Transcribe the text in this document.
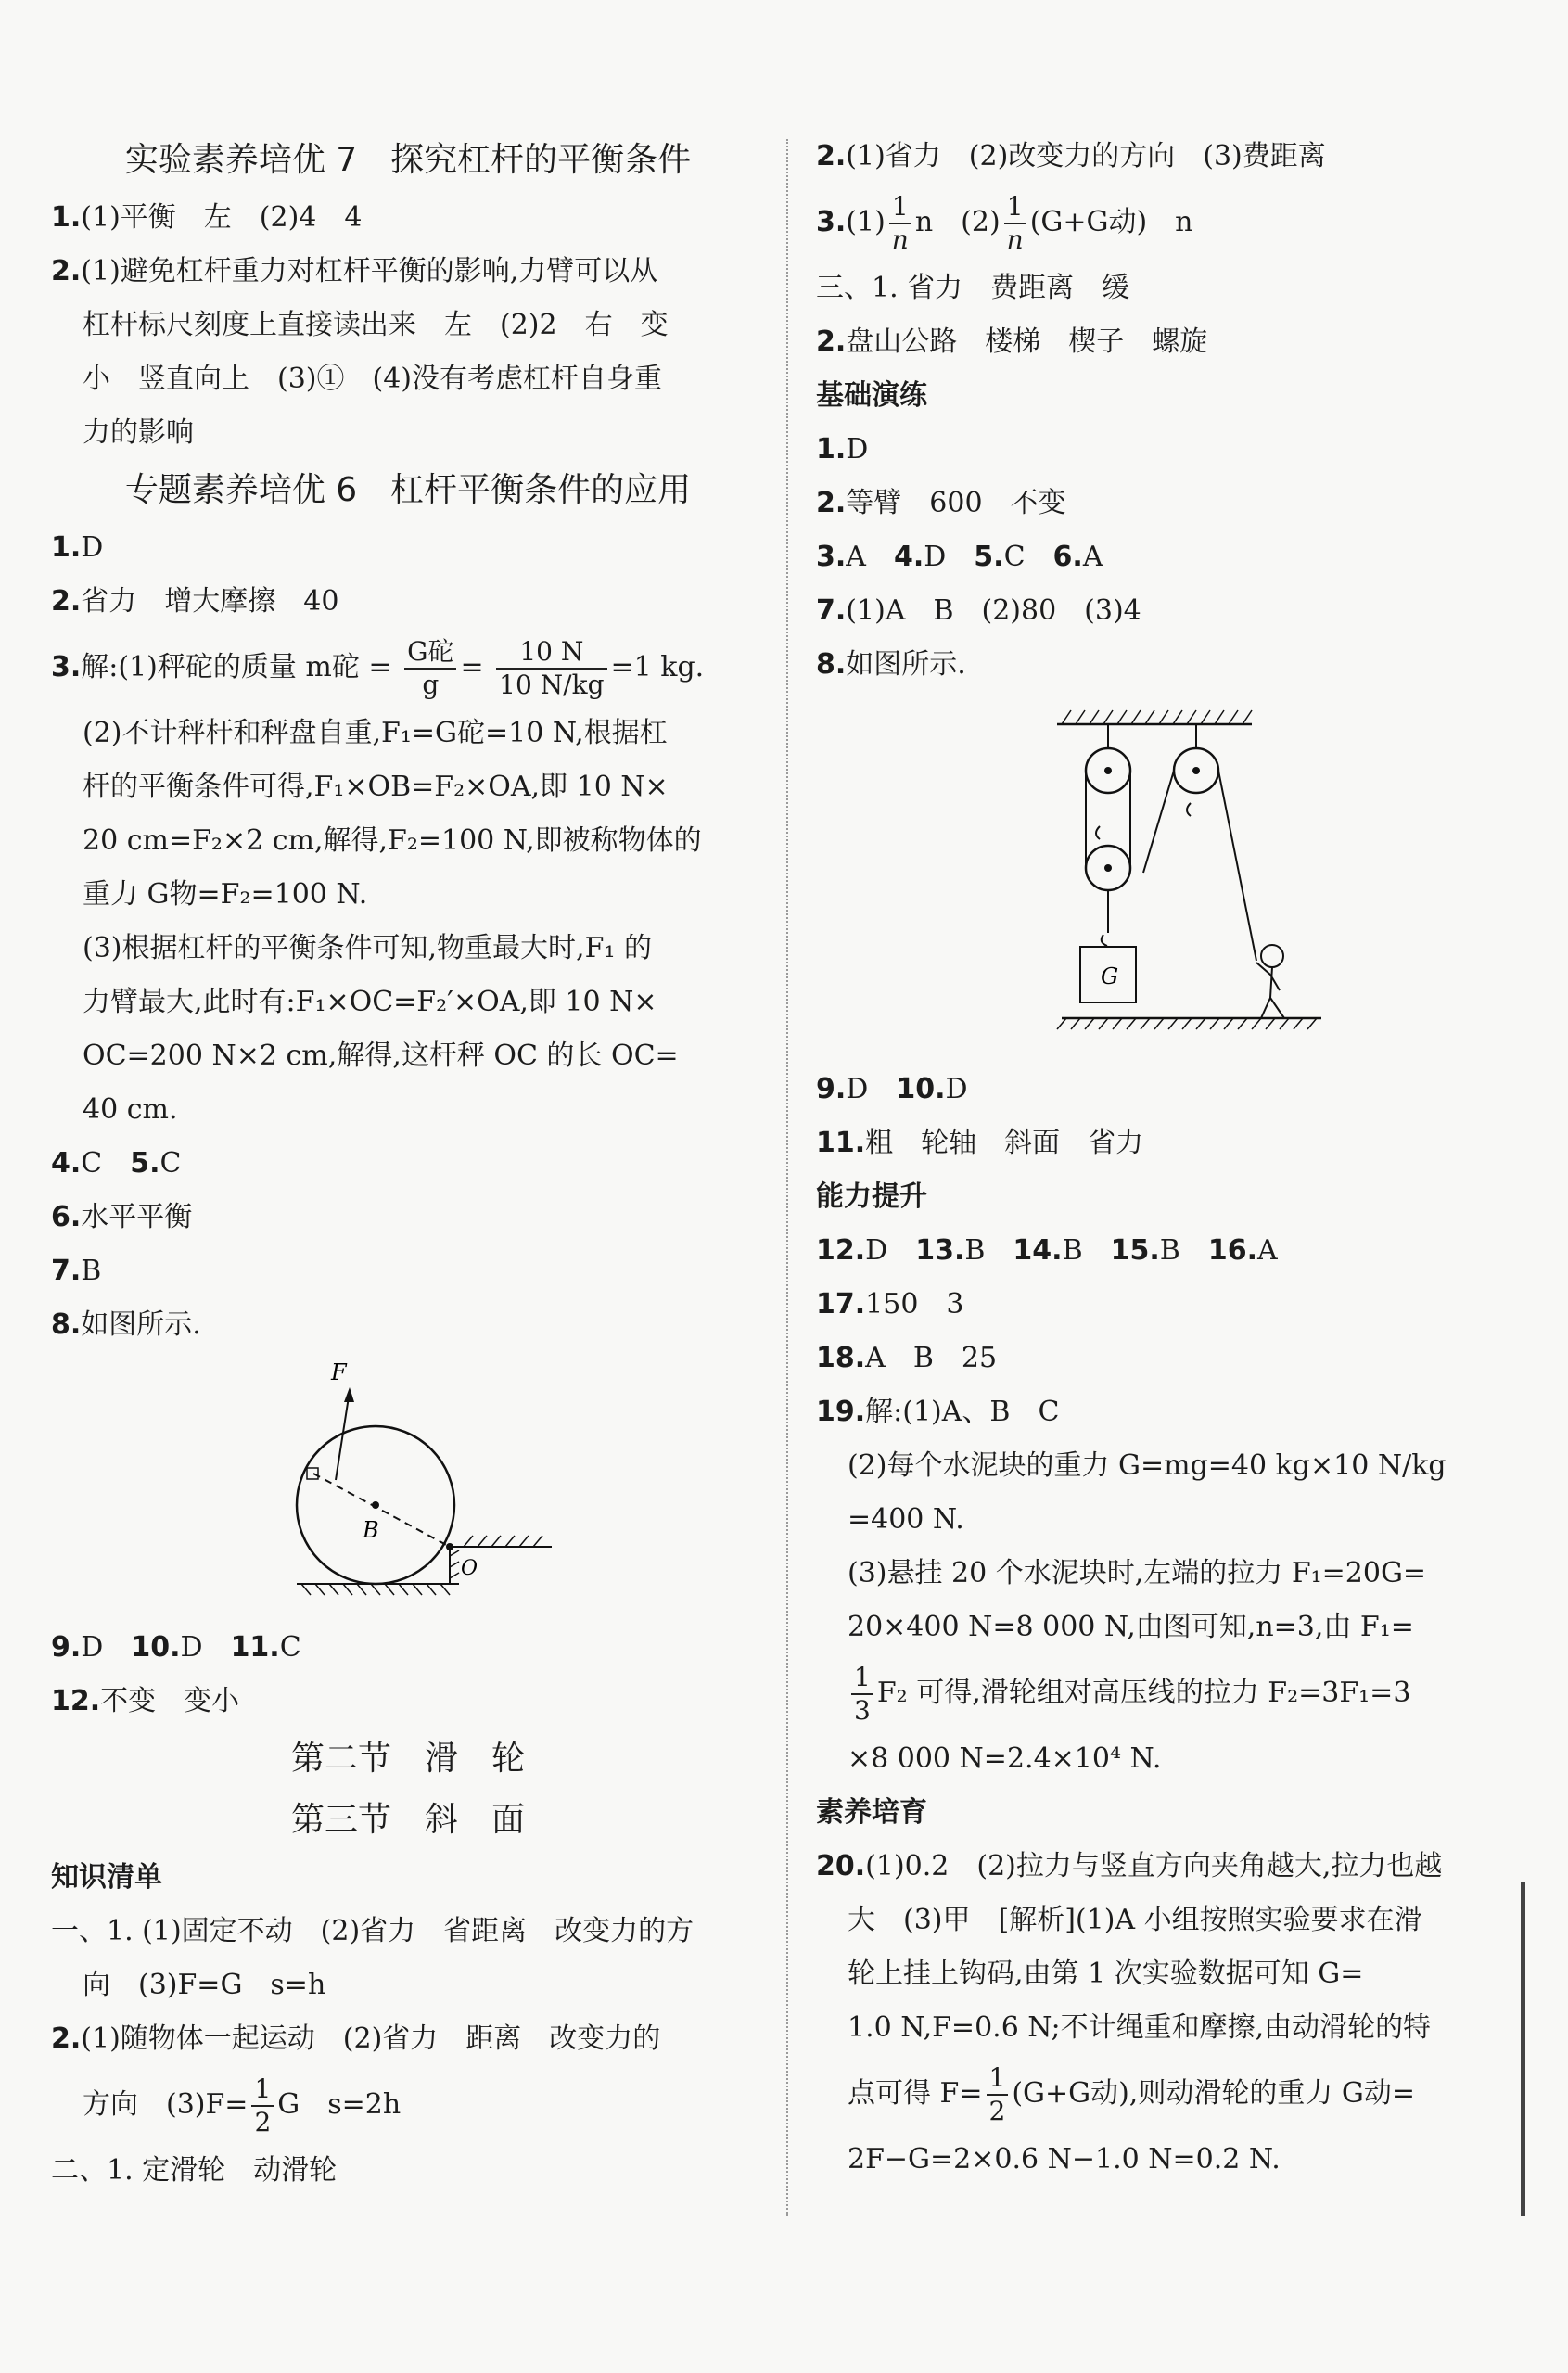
实验素养培优 7　探究杠杆的平衡条件
1.(1)平衡　左　(2)4　4
2.(1)避免杠杆重力对杠杆平衡的影响,力臂可以从
杠杆标尺刻度上直接读出来　左　(2)2　右　变
小　竖直向上　(3)①　(4)没有考虑杠杆自身重
力的影响
专题素养培优 6　杠杆平衡条件的应用
1.D
2.省力　增大摩擦　40
3.解:(1)秤砣的质量 m砣 = $\frac{\text{G砣}}{g} = \frac{10 N}{10 N/kg} =1$ kg.
(2)不计秤杆和秤盘自重,F₁=G砣=10 N,根据杠
杆的平衡条件可得,F₁×OB=F₂×OA,即 10 N×
20 cm=F₂×2 cm,解得,F₂=100 N,即被称物体的
重力 G物=F₂=100 N.
(3)根据杠杆的平衡条件可知,物重最大时,F₁ 的
力臂最大,此时有:F₁×OC=F₂′×OA,即 10 N×
OC=200 N×2 cm,解得,这杆秤 OC 的长 OC=
40 cm.
4.C　 5.C
6.水平平衡
7.B
8.如图所示.
F
B
O
9.D　 10.D　 11.C
12.不变　变小
第二节　滑　轮
第三节　斜　面
知识清单
一、1. (1)固定不动　(2)省力　省距离　改变力的方
向　(3)F=G　s=h
2.(1)随物体一起运动　(2)省力　距离　改变力的
方向　$(3)F= \frac{1}{2}$ G　s=2h
二、1. 定滑轮　动滑轮
2.(1)省力　(2)改变力的方向　(3)费距离
$3.(1) \frac{1}{n}$ n　$(2) \frac{1}{n} (G+G$动)　n
三、1. 省力　费距离　缓
2.盘山公路　楼梯　楔子　螺旋
基础演练
1.D
2.等臂　600　不变
3.A　 4.D　 5.C　 6.A
7.(1)A　B　(2)80　(3)4
8.如图所示.
G
9.D　 10.D
11.粗　轮轴　斜面　省力
能力提升
12.D　 13.B　 14.B　 15.B　 16.A
17.150　3
18.A　B　25
19.解:(1)A、B　C
(2)每个水泥块的重力 G=mg=40 kg×10 N/kg
=400 N.
(3)悬挂 20 个水泥块时,左端的拉力 F₁=20G=
20×400 N=8 000 N,由图可知,n=3,由 F₁=
$\frac{1}{3} F_2$ 可得,滑轮组对高压线的拉力 F₂=3F₁=3
×8 000 N=2.4×10⁴ N.
素养培育
20.(1)0.2　(2)拉力与竖直方向夹角越大,拉力也越
大　(3)甲　[解析](1)A 小组按照实验要求在滑
轮上挂上钩码,由第 1 次实验数据可知 G=
1.0 N,F=0.6 N;不计绳重和摩擦,由动滑轮的特
点可得 $F= \frac{1}{2} (G+G$动),则动滑轮的重力 G动=
2F−G=2×0.6 N−1.0 N=0.2 N.
